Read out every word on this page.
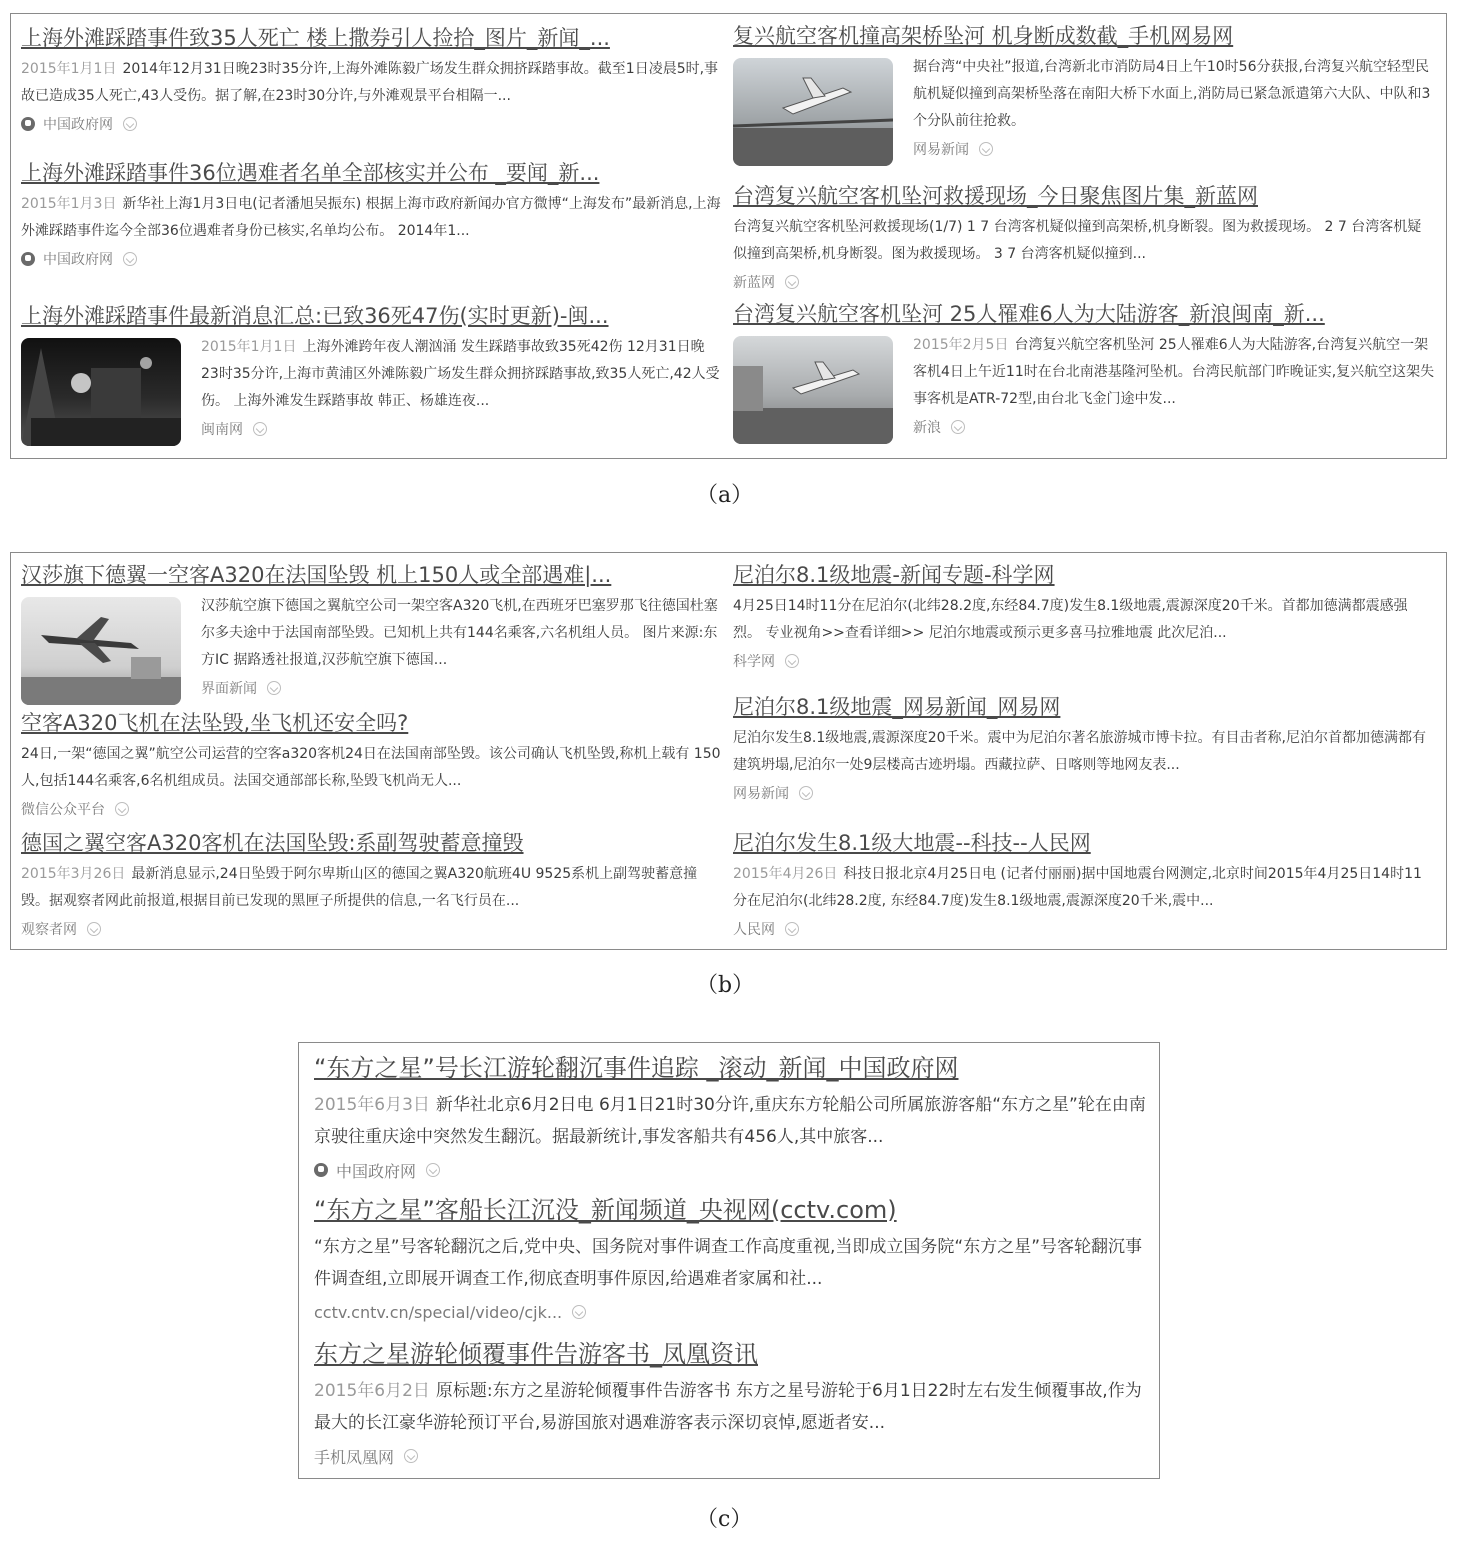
上海外滩踩踏事件致35人死亡 楼上撒券引人捡拾_图片_新闻_...

2015年1月1日 2014年12月31日晚23时35分许,上海外滩陈毅广场发生群众拥挤踩踏事故。截至1日凌晨5时,事故已造成35人死亡,43人受伤。据了解,在23时30分许,与外滩观景平台相隔一...

中国政府网

上海外滩踩踏事件36位遇难者名单全部核实并公布 _要闻_新...

2015年1月3日 新华社上海1月3日电(记者潘旭吴振东) 根据上海市政府新闻办官方微博“上海发布”最新消息,上海外滩踩踏事件迄今全部36位遇难者身份已核实,名单均公布。 2014年1...

中国政府网

上海外滩踩踏事件最新消息汇总:已致36死47伤(实时更新)-闽...

2015年1月1日 上海外滩跨年夜人潮汹涌 发生踩踏事故致35死42伤 12月31日晚23时35分许,上海市黄浦区外滩陈毅广场发生群众拥挤踩踏事故,致35人死亡,42人受伤。 上海外滩发生踩踏事故 韩正、杨雄连夜...

闽南网

复兴航空客机撞高架桥坠河 机身断成数截_手机网易网

据台湾“中央社”报道,台湾新北市消防局4日上午10时56分获报,台湾复兴航空轻型民航机疑似撞到高架桥坠落在南阳大桥下水面上,消防局已紧急派遣第六大队、中队和3个分队前往抢救。

网易新闻

台湾复兴航空客机坠河救援现场_今日聚焦图片集_新蓝网

台湾复兴航空客机坠河救援现场(1/7) 1 7 台湾客机疑似撞到高架桥,机身断裂。图为救援现场。 2 7 台湾客机疑似撞到高架桥,机身断裂。图为救援现场。 3 7 台湾客机疑似撞到...

新蓝网

台湾复兴航空客机坠河 25人罹难6人为大陆游客_新浪闽南_新...

2015年2月5日 台湾复兴航空客机坠河 25人罹难6人为大陆游客,台湾复兴航空一架客机4日上午近11时在台北南港基隆河坠机。台湾民航部门昨晚证实,复兴航空这架失事客机是ATR-72型,由台北飞金门途中发...

新浪
（a）

汉莎旗下德翼一空客A320在法国坠毁 机上150人或全部遇难|...

汉莎航空旗下德国之翼航空公司一架空客A320飞机,在西班牙巴塞罗那飞往德国杜塞尔多夫途中于法国南部坠毁。已知机上共有144名乘客,六名机组人员。 图片来源:东方IC 据路透社报道,汉莎航空旗下德国...

界面新闻

空客A320飞机在法坠毁,坐飞机还安全吗?

24日,一架“德国之翼”航空公司运营的空客a320客机24日在法国南部坠毁。该公司确认飞机坠毁,称机上载有 150人,包括144名乘客,6名机组成员。法国交通部部长称,坠毁飞机尚无人...

微信公众平台

德国之翼空客A320客机在法国坠毁:系副驾驶蓄意撞毁

2015年3月26日 最新消息显示,24日坠毁于阿尔卑斯山区的德国之翼A320航班4U 9525系机上副驾驶蓄意撞毁。据观察者网此前报道,根据目前已发现的黑匣子所提供的信息,一名飞行员在...

观察者网

尼泊尔8.1级地震-新闻专题-科学网

4月25日14时11分在尼泊尔(北纬28.2度,东经84.7度)发生8.1级地震,震源深度20千米。首都加德满都震感强烈。 专业视角>>查看详细>> 尼泊尔地震或预示更多喜马拉雅地震 此次尼泊...

科学网

尼泊尔8.1级地震_网易新闻_网易网

尼泊尔发生8.1级地震,震源深度20千米。震中为尼泊尔著名旅游城市博卡拉。有目击者称,尼泊尔首都加德满都有建筑坍塌,尼泊尔一处9层楼高古迹坍塌。西藏拉萨、日喀则等地网友表...

网易新闻

尼泊尔发生8.1级大地震--科技--人民网

2015年4月26日 科技日报北京4月25日电 (记者付丽丽)据中国地震台网测定,北京时间2015年4月25日14时11分在尼泊尔(北纬28.2度, 东经84.7度)发生8.1级地震,震源深度20千米,震中...

人民网
（b）

“东方之星”号长江游轮翻沉事件追踪 _滚动_新闻_中国政府网

2015年6月3日 新华社北京6月2日电 6月1日21时30分许,重庆东方轮船公司所属旅游客船“东方之星”轮在由南京驶往重庆途中突然发生翻沉。据最新统计,事发客船共有456人,其中旅客...

中国政府网

“东方之星”客船长江沉没_新闻频道_央视网(cctv.com)

“东方之星”号客轮翻沉之后,党中央、国务院对事件调查工作高度重视,当即成立国务院“东方之星”号客轮翻沉事件调查组,立即展开调查工作,彻底查明事件原因,给遇难者家属和社...

cctv.cntv.cn/special/video/cjk...

东方之星游轮倾覆事件告游客书_凤凰资讯

2015年6月2日 原标题:东方之星游轮倾覆事件告游客书 东方之星号游轮于6月1日22时左右发生倾覆事故,作为最大的长江豪华游轮预订平台,易游国旅对遇难游客表示深切哀悼,愿逝者安...

手机凤凰网
（c）
